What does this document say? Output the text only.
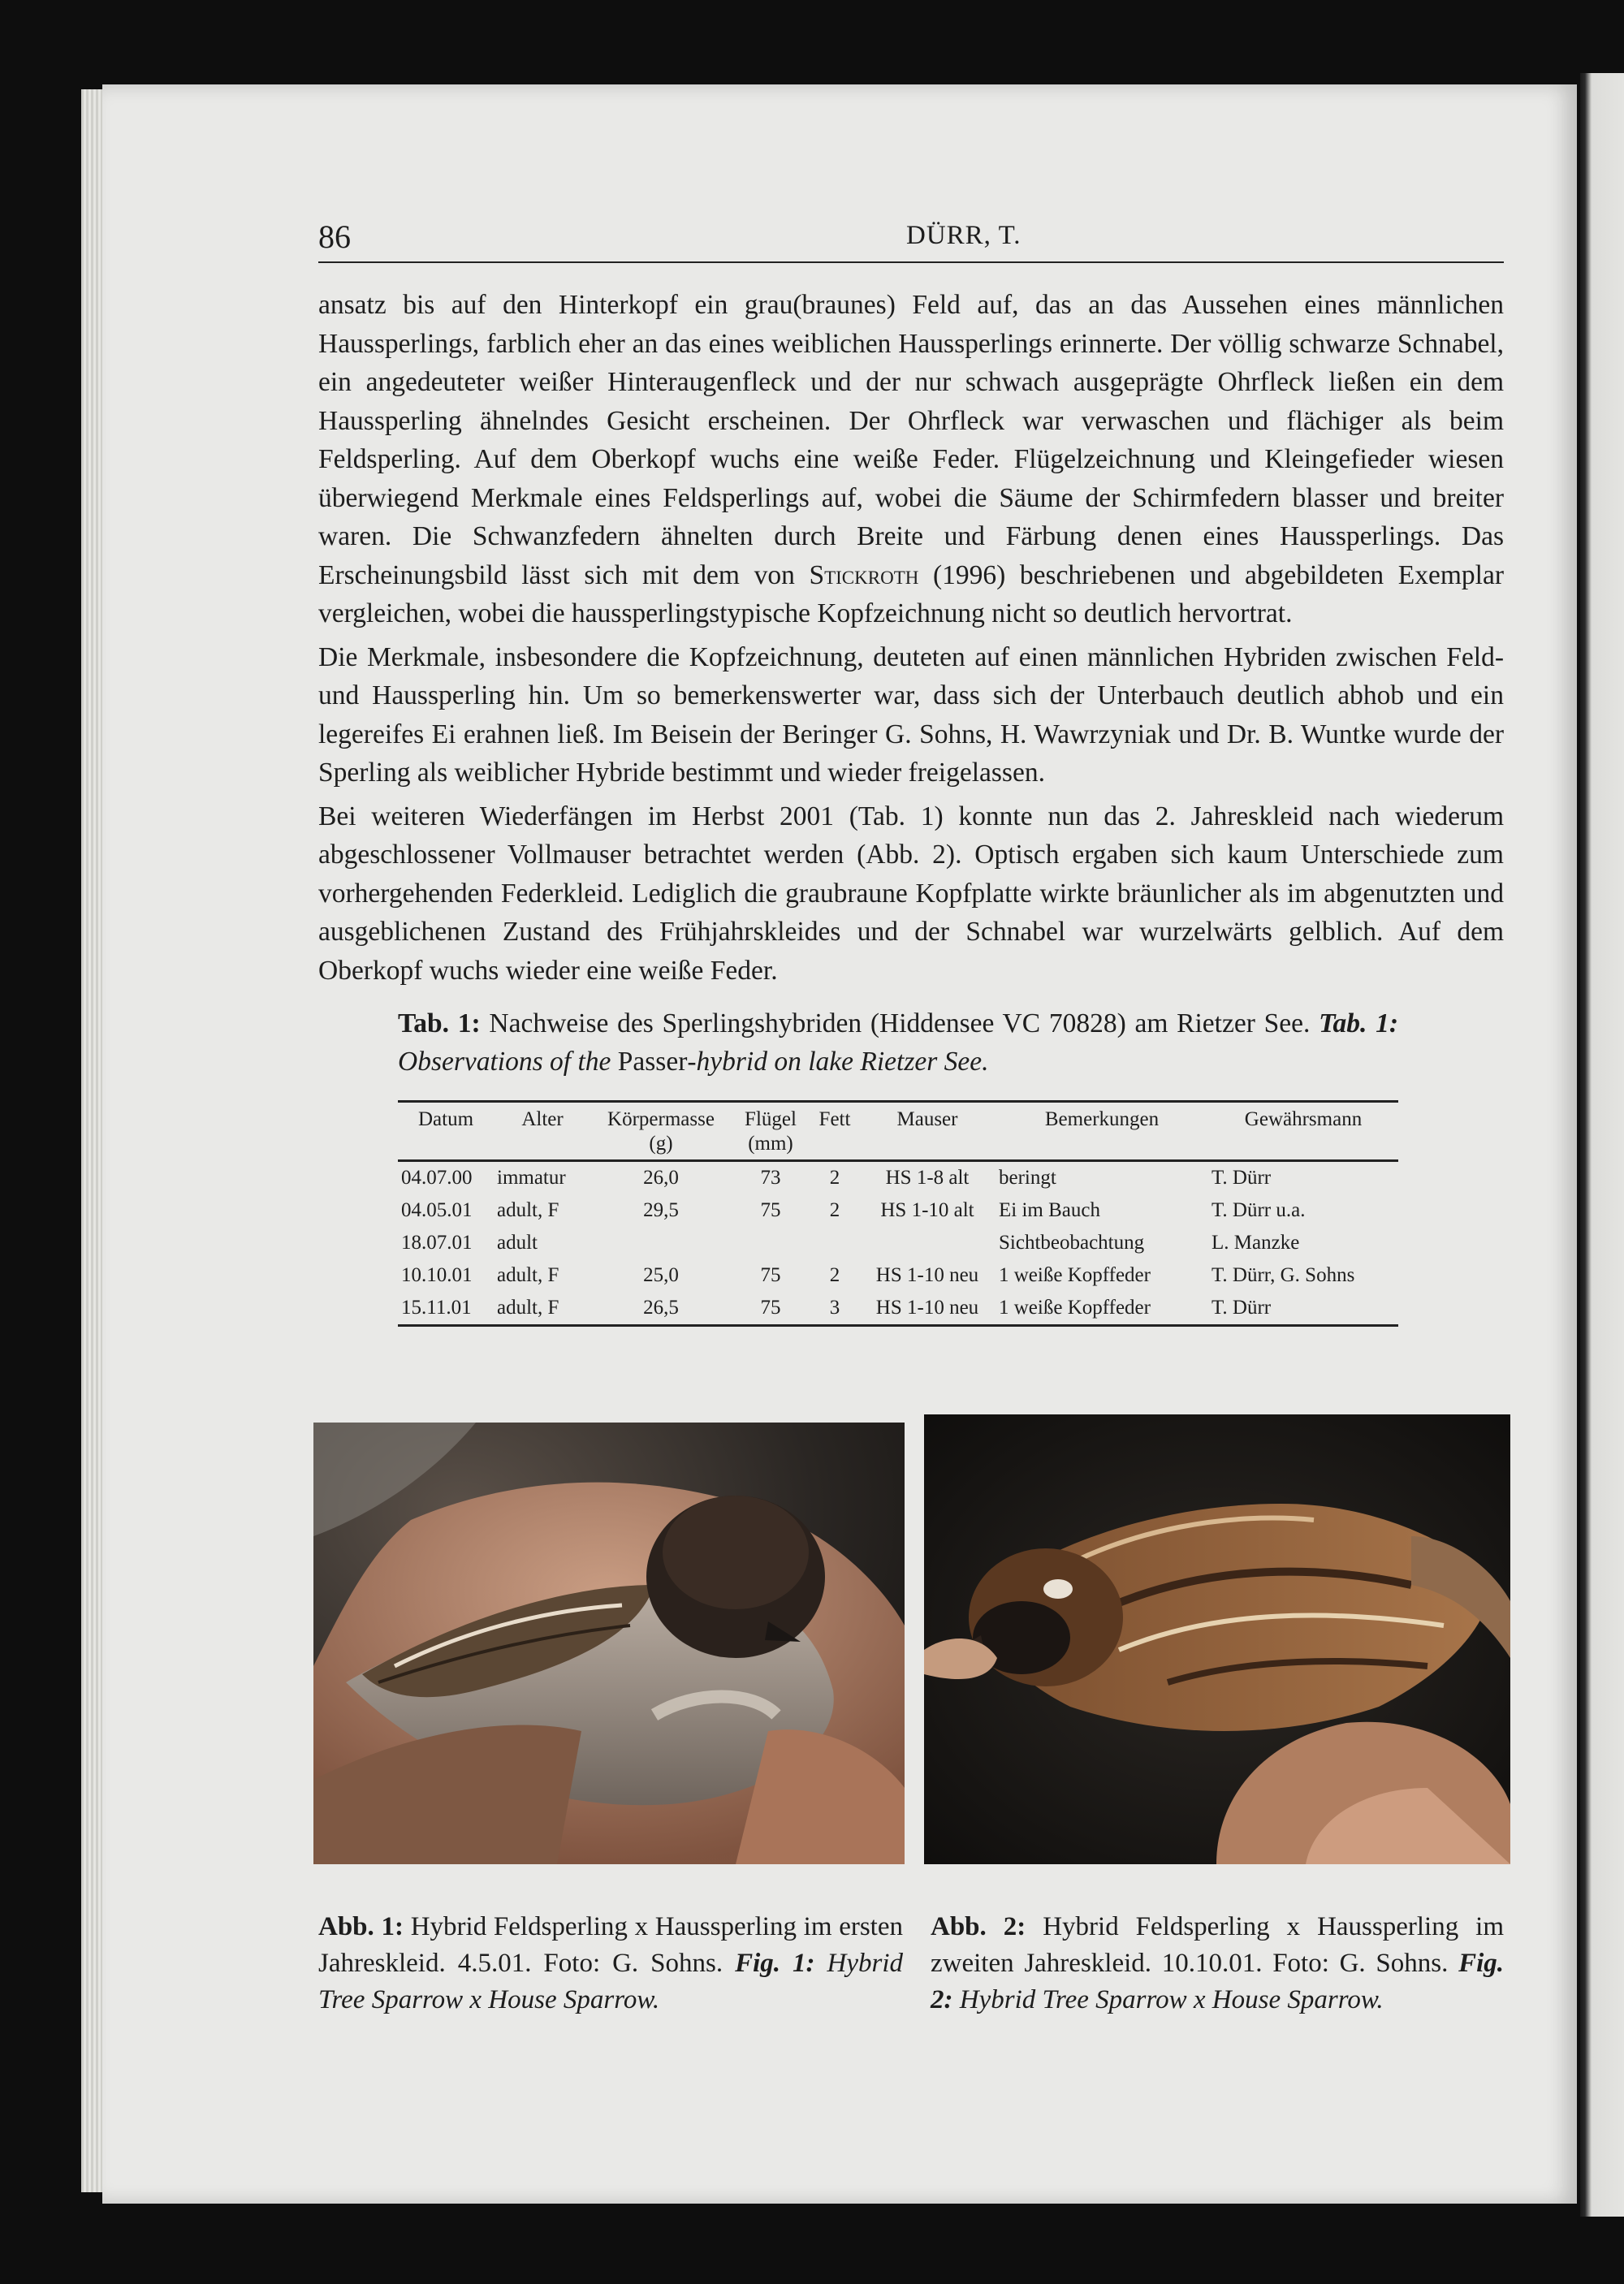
86	DÜRR, T.

ansatz bis auf den Hinterkopf ein grau(braunes) Feld auf, das an das Aussehen eines männlichen Haussperlings, farblich eher an das eines weiblichen Haussperlings erinnerte. Der völlig schwarze Schnabel, ein angedeuteter weißer Hinteraugenfleck und der nur schwach ausgeprägte Ohrfleck ließen ein dem Haussperling ähnelndes Gesicht erscheinen. Der Ohrfleck war verwaschen und flächiger als beim Feldsperling. Auf dem Oberkopf wuchs eine weiße Feder. Flügelzeichnung und Kleingefieder wiesen überwiegend Merkmale eines Feldsperlings auf, wobei die Säume der Schirmfedern blasser und breiter waren. Die Schwanzfedern ähnelten durch Breite und Färbung denen eines Haussperlings. Das Erscheinungsbild lässt sich mit dem von Stickroth (1996) beschriebenen und abgebildeten Exemplar vergleichen, wobei die haussperlingstypische Kopfzeichnung nicht so deutlich hervortrat.

Die Merkmale, insbesondere die Kopfzeichnung, deuteten auf einen männlichen Hybriden zwischen Feld- und Haussperling hin. Um so bemerkenswerter war, dass sich der Unterbauch deutlich abhob und ein legereifes Ei erahnen ließ. Im Beisein der Beringer G. Sohns, H. Wawrzyniak und Dr. B. Wuntke wurde der Sperling als weiblicher Hybride bestimmt und wieder freigelassen.

Bei weiteren Wiederfängen im Herbst 2001 (Tab. 1) konnte nun das 2. Jahreskleid nach wiederum abgeschlossener Vollmauser betrachtet werden (Abb. 2). Optisch ergaben sich kaum Unterschiede zum vorhergehenden Federkleid. Lediglich die graubraune Kopfplatte wirkte bräunlicher als im abgenutzten und ausgeblichenen Zustand des Frühjahrskleides und der Schnabel war wurzelwärts gelblich. Auf dem Oberkopf wuchs wieder eine weiße Feder.

Tab. 1: Nachweise des Sperlingshybriden (Hiddensee VC 70828) am Rietzer See. Tab. 1: Observations of the Passer-hybrid on lake Rietzer See.

Datum	Alter	Körpermasse (g)	Flügel (mm)	Fett	Mauser	Bemerkungen	Gewährsmann
04.07.00	immatur	26,0	73	2	HS 1-8 alt	beringt	T. Dürr
04.05.01	adult, F	29,5	75	2	HS 1-10 alt	Ei im Bauch	T. Dürr u.a.
18.07.01	adult					Sichtbeobachtung	L. Manzke
10.10.01	adult, F	25,0	75	2	HS 1-10 neu	1 weiße Kopffeder	T. Dürr, G. Sohns
15.11.01	adult, F	26,5	75	3	HS 1-10 neu	1 weiße Kopffeder	T. Dürr

Abb. 1: Hybrid Feldsperling x Haussperling im ersten Jahreskleid. 4.5.01. Foto: G. Sohns. Fig. 1: Hybrid Tree Sparrow x House Sparrow.

Abb. 2: Hybrid Feldsperling x Haussperling im zweiten Jahreskleid. 10.10.01. Foto: G. Sohns. Fig. 2: Hybrid Tree Sparrow x House Sparrow.
